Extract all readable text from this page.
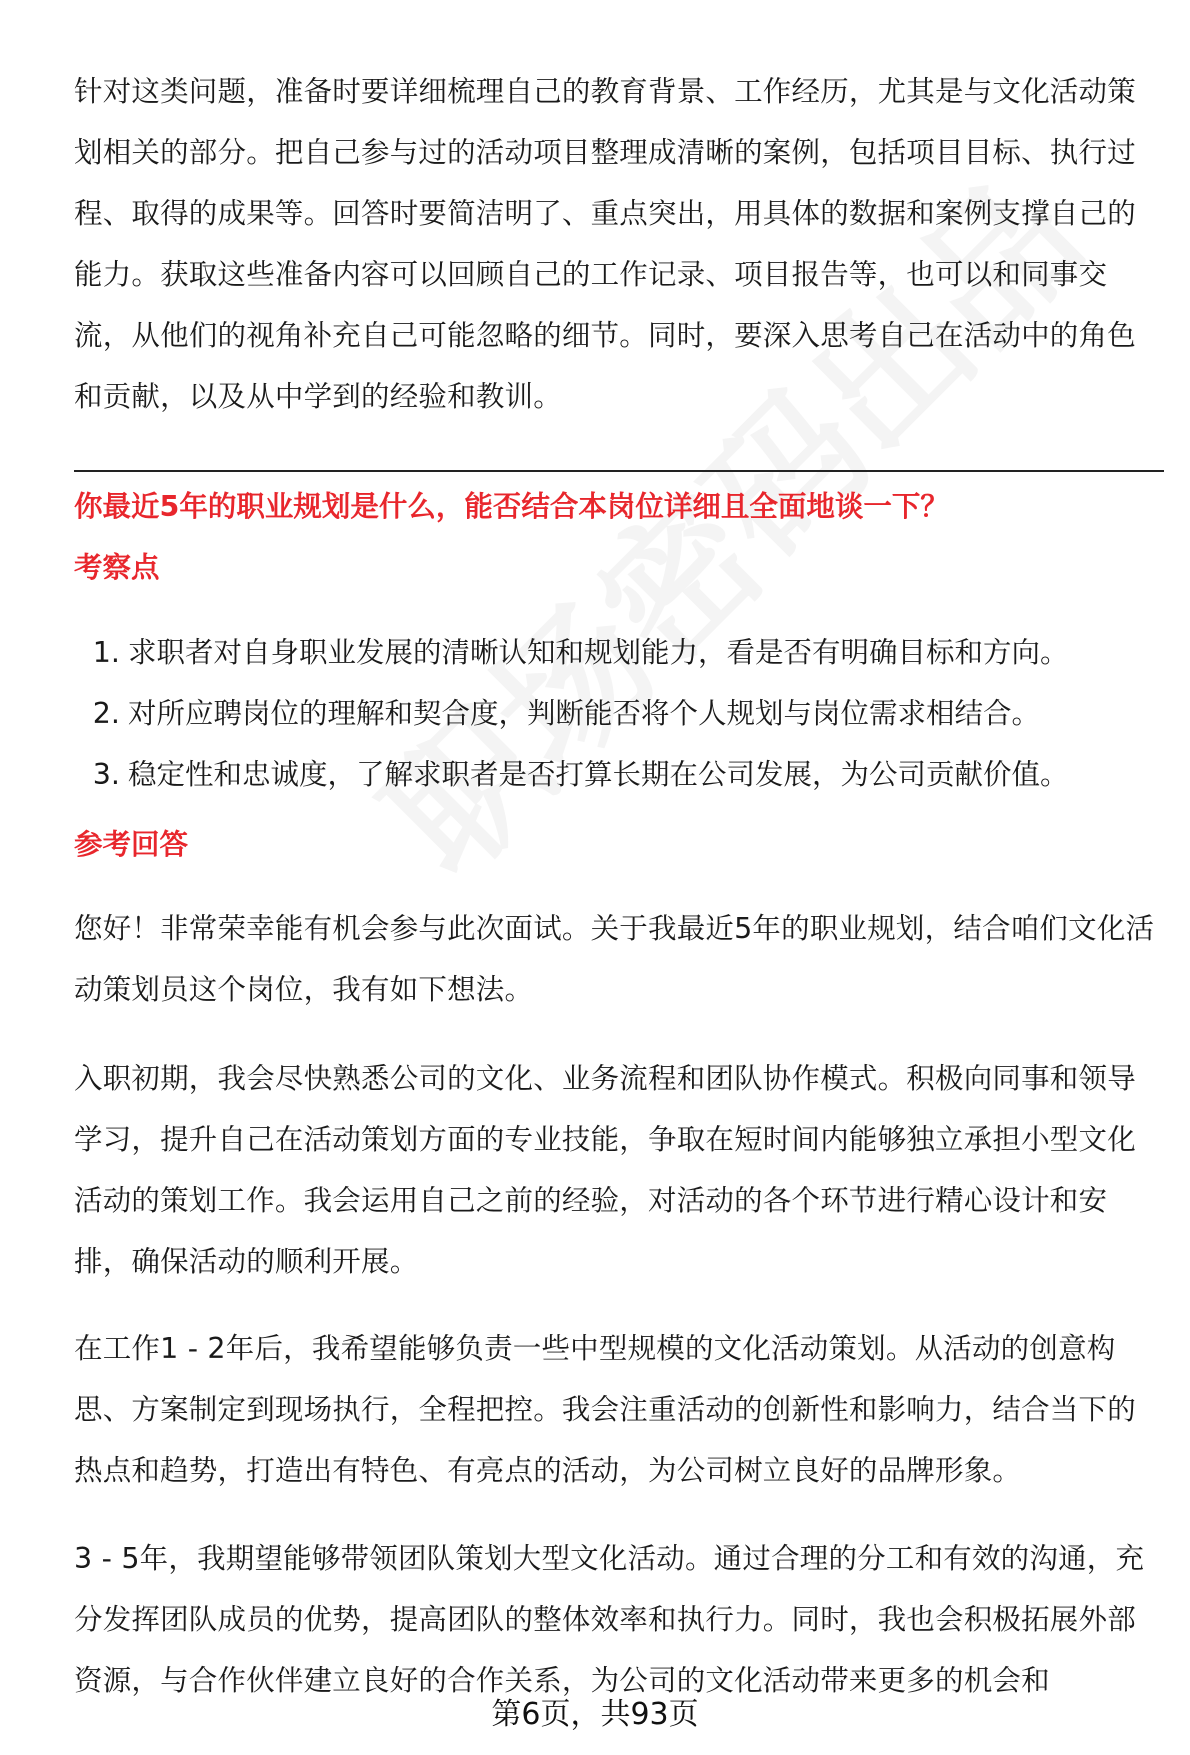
针对这类问题，准备时要详细梳理自己的教育背景、工作经历，尤其是与文化活动策划相关的部分。把自己参与过的活动项目整理成清晰的案例，包括项目目标、执行过程、取得的成果等。回答时要简洁明了、重点突出，用具体的数据和案例支撑自己的能力。获取这些准备内容可以回顾自己的工作记录、项目报告等，也可以和同事交流，从他们的视角补充自己可能忽略的细节。同时，要深入思考自己在活动中的角色和贡献，以及从中学到的经验和教训。

你最近5年的职业规划是什么，能否结合本岗位详细且全面地谈一下？

考察点

1. 求职者对自身职业发展的清晰认知和规划能力，看是否有明确目标和方向。
2. 对所应聘岗位的理解和契合度，判断能否将个人规划与岗位需求相结合。
3. 稳定性和忠诚度，了解求职者是否打算长期在公司发展，为公司贡献价值。

参考回答

您好！非常荣幸能有机会参与此次面试。关于我最近5年的职业规划，结合咱们文化活动策划员这个岗位，我有如下想法。

入职初期，我会尽快熟悉公司的文化、业务流程和团队协作模式。积极向同事和领导学习，提升自己在活动策划方面的专业技能，争取在短时间内能够独立承担小型文化活动的策划工作。我会运用自己之前的经验，对活动的各个环节进行精心设计和安排，确保活动的顺利开展。

在工作1 - 2年后，我希望能够负责一些中型规模的文化活动策划。从活动的创意构思、方案制定到现场执行，全程把控。我会注重活动的创新性和影响力，结合当下的热点和趋势，打造出有特色、有亮点的活动，为公司树立良好的品牌形象。

3 - 5年，我期望能够带领团队策划大型文化活动。通过合理的分工和有效的沟通，充分发挥团队成员的优势，提高团队的整体效率和执行力。同时，我也会积极拓展外部资源，与合作伙伴建立良好的合作关系，为公司的文化活动带来更多的机会和

第6页，共93页
